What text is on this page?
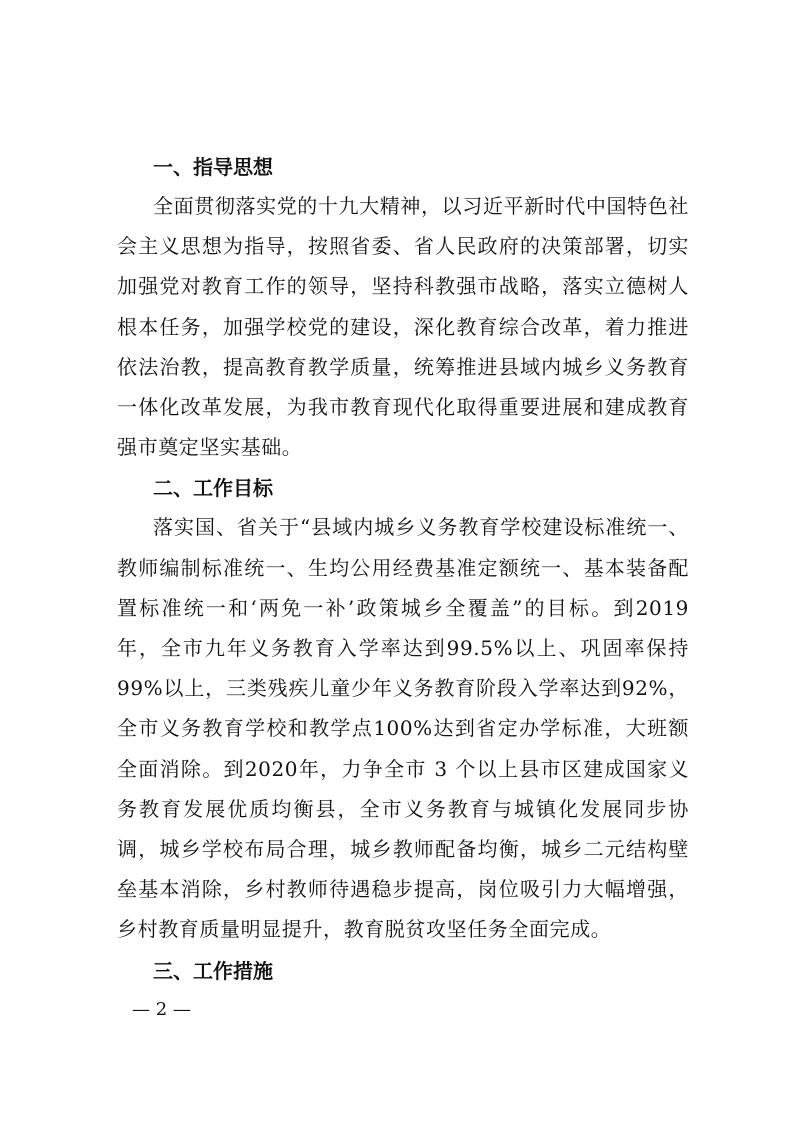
一、指导思想

全面贯彻落实党的十九大精神，以习近平新时代中国特色社会主义思想为指导，按照省委、省人民政府的决策部署，切实加强党对教育工作的领导，坚持科教强市战略，落实立德树人根本任务，加强学校党的建设，深化教育综合改革，着力推进依法治教，提高教育教学质量，统筹推进县域内城乡义务教育一体化改革发展，为我市教育现代化取得重要进展和建成教育强市奠定坚实基础。

二、工作目标

落实国、省关于“县域内城乡义务教育学校建设标准统一、教师编制标准统一、生均公用经费基准定额统一、基本装备配置标准统一和‘两免一补’政策城乡全覆盖”的目标。到2019年，全市九年义务教育入学率达到99.5%以上、巩固率保持99%以上，三类残疾儿童少年义务教育阶段入学率达到92%，全市义务教育学校和教学点100%达到省定办学标准，大班额全面消除。到2020年，力争全市 3 个以上县市区建成国家义务教育发展优质均衡县，全市义务教育与城镇化发展同步协调，城乡学校布局合理，城乡教师配备均衡，城乡二元结构壁垒基本消除，乡村教师待遇稳步提高，岗位吸引力大幅增强，乡村教育质量明显提升，教育脱贫攻坚任务全面完成。

三、工作措施
— 2 —
